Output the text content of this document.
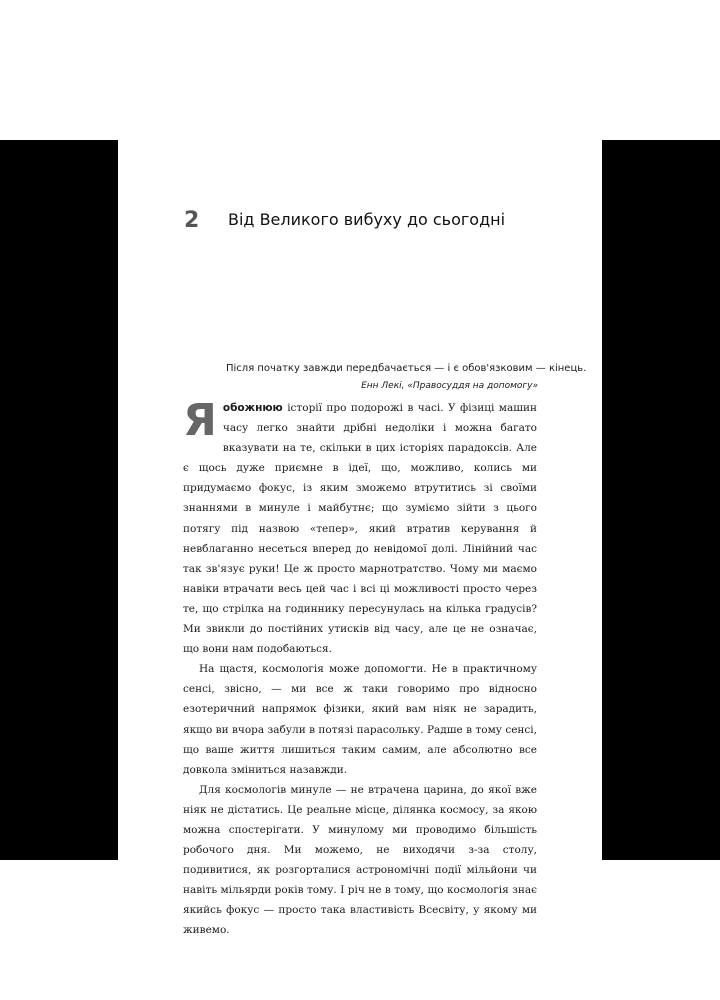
2 Від Великого вибуху до сьогодні
Після початку завжди передбачається — і є обов'язковим — кінець.
Енн Лекі, «Правосуддя на допомогу»

Яобожнюю історії про подорожі в часі. У фізиці машин часу легко знайти дрібні недоліки і можна багато вказувати на те, скільки в цих історіях парадоксів. Але є щось дуже приємне в ідеї, що, можливо, колись ми придумаємо фокус, із яким зможемо втрутитись зі своїми знаннями в минуле і майбутнє; що зуміємо зійти з цього потягу під назвою «тепер», який втратив керування й невблаганно несеться вперед до невідомої долі. Лінійний час так зв'язує руки! Це ж просто марнотратство. Чому ми маємо навіки втрачати весь цей час і всі ці можливості просто через те, що стрілка на годиннику пересунулась на кілька градусів? Ми звикли до постійних утисків від часу, але це не означає, що вони нам подобаються.

На щастя, космологія може допомогти. Не в практичному сенсі, звісно, — ми все ж таки говоримо про відносно езотеричний напрямок фізики, який вам ніяк не зарадить, якщо ви вчора забули в потязі парасольку. Радше в тому сенсі, що ваше життя лишиться таким самим, але абсолютно все довкола зміниться назавжди.

Для космологів минуле — не втрачена царина, до якої вже ніяк не дістатись. Це реальне місце, ділянка космосу, за якою можна спостерігати. У минулому ми проводимо більшість робочого дня. Ми можемо, не виходячи з-за столу, подивитися, як розгорталися астрономічні події мільйони чи навіть мільярди років тому. І річ не в тому, що космологія знає якийсь фокус — просто така властивість Всесвіту, у якому ми живемо.
